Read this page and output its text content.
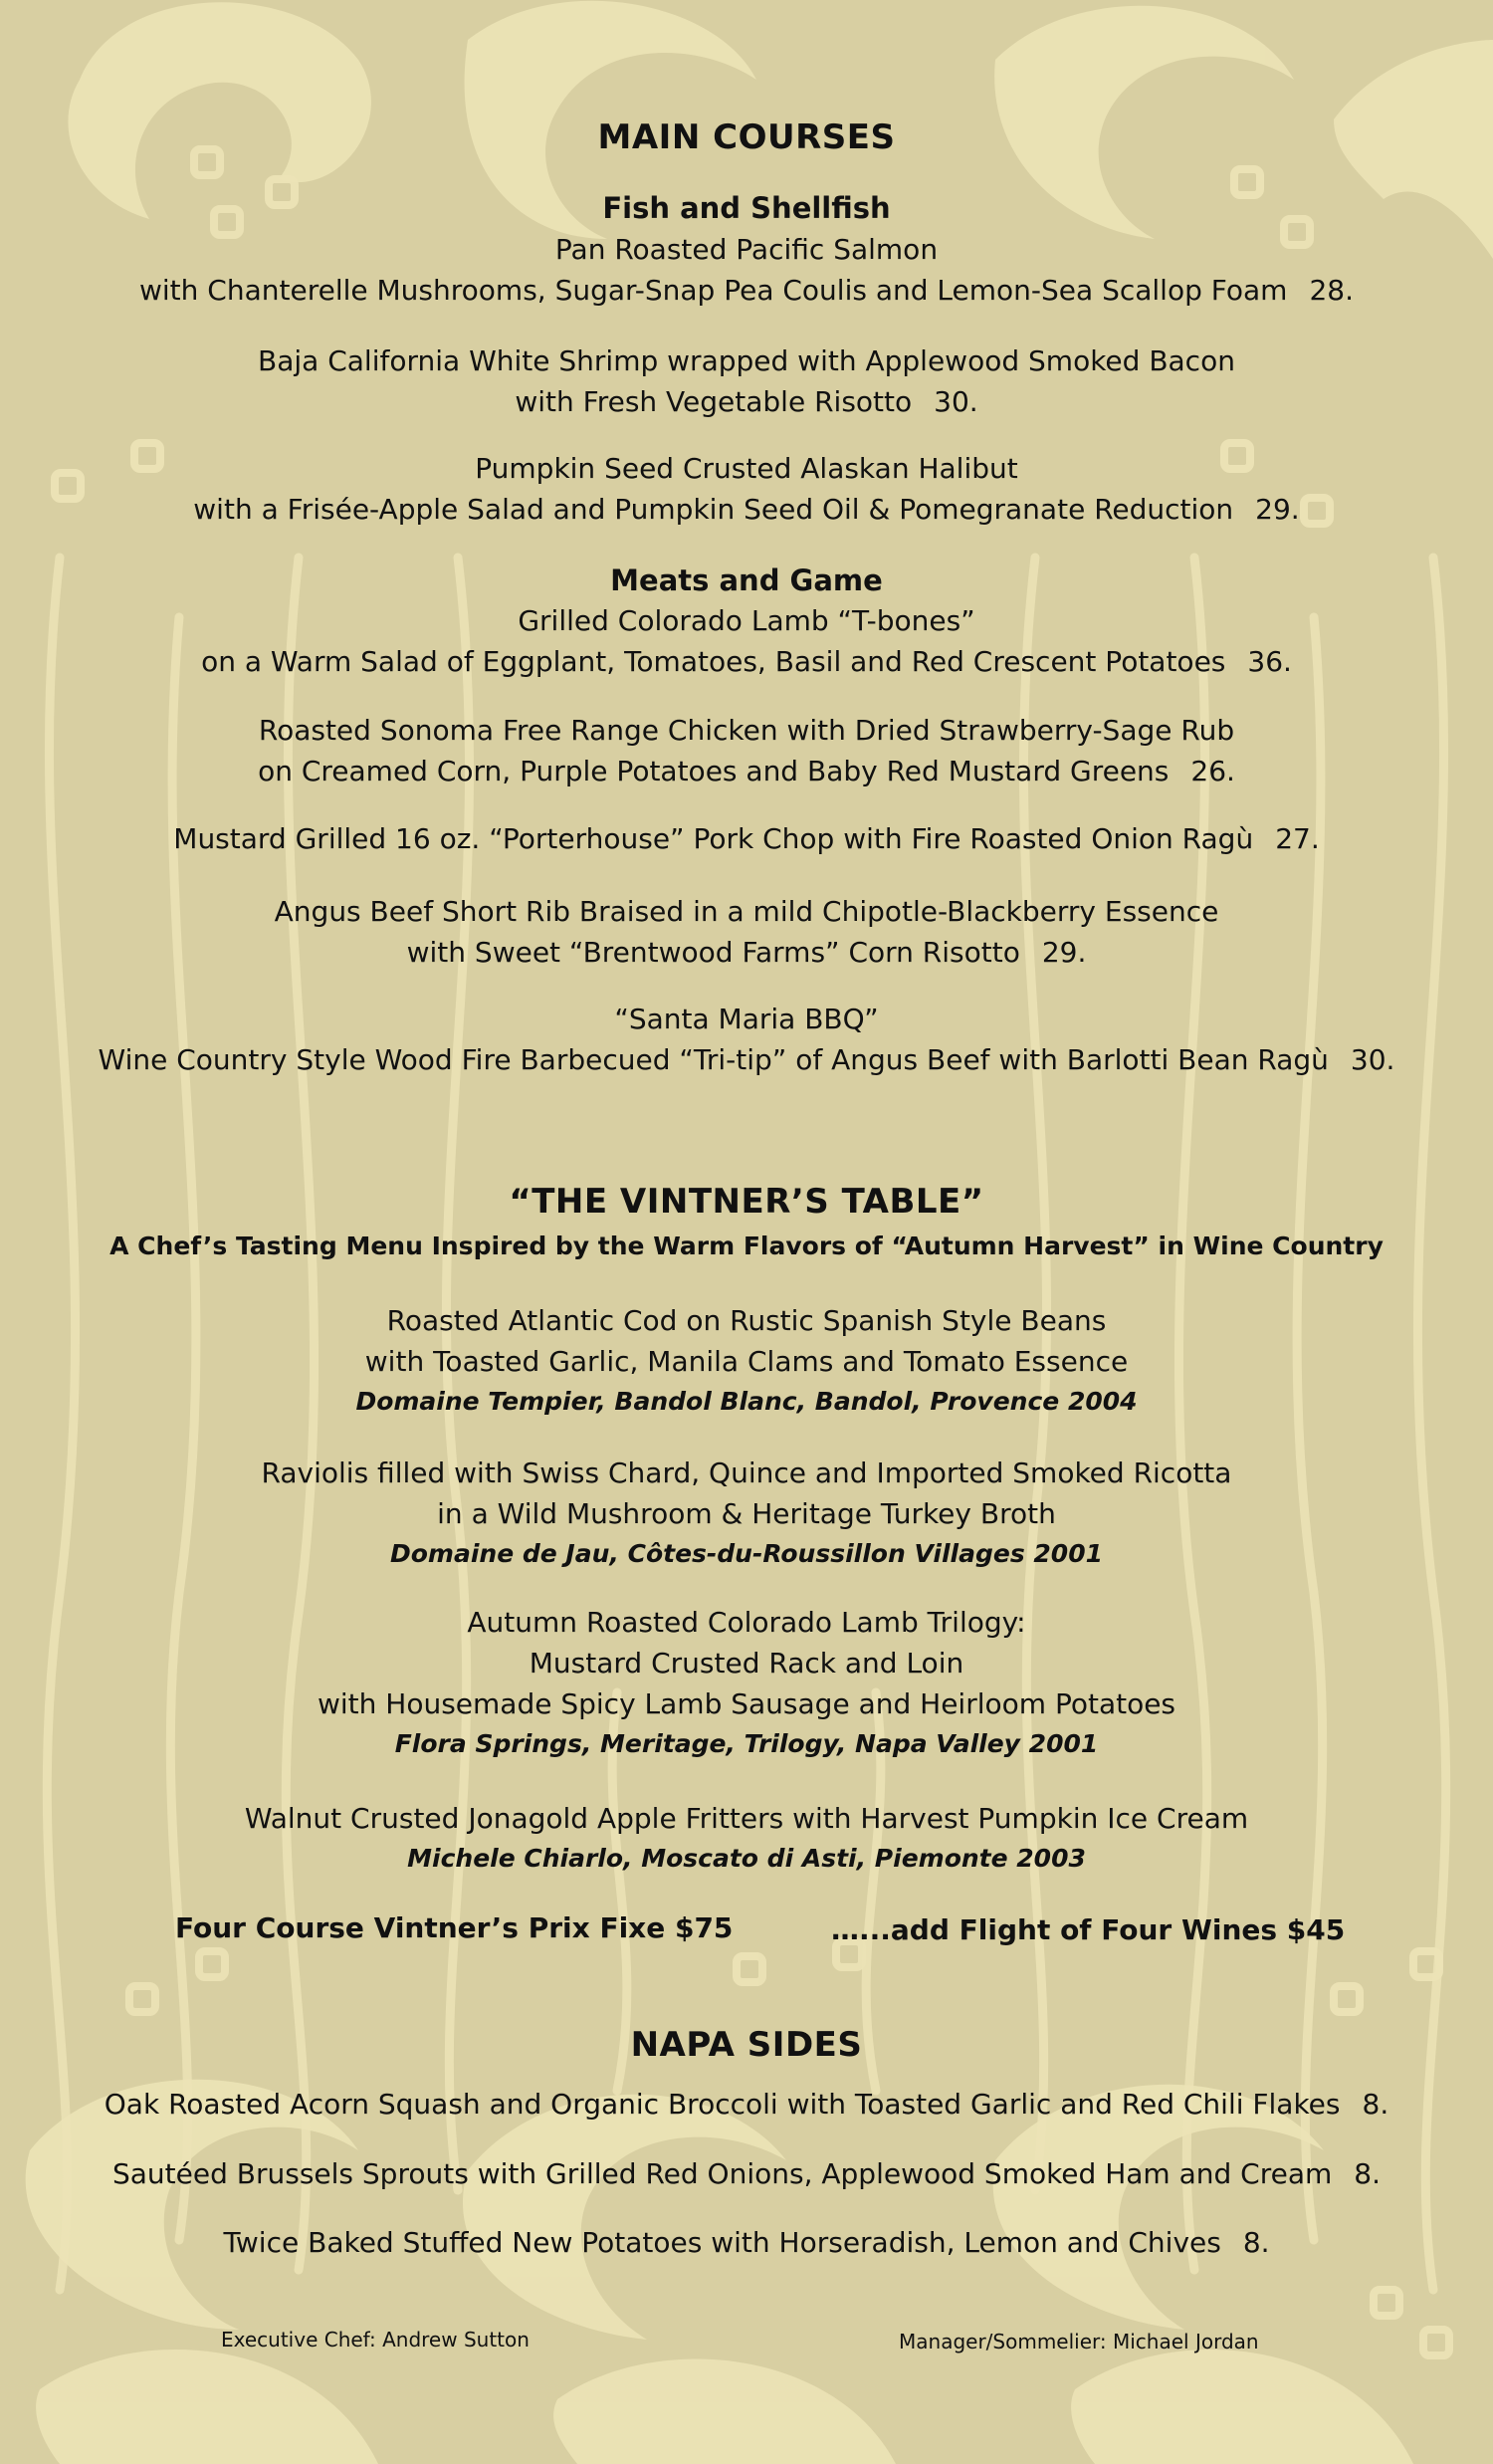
MAIN COURSES
Fish and Shellfish
Pan Roasted Pacific Salmon
with Chanterelle Mushrooms, Sugar-Snap Pea Coulis and Lemon-Sea Scallop Foam 28.
Baja California White Shrimp wrapped with Applewood Smoked Bacon
with Fresh Vegetable Risotto 30.
Pumpkin Seed Crusted Alaskan Halibut
with a Frisée-Apple Salad and Pumpkin Seed Oil & Pomegranate Reduction 29.
Meats and Game
Grilled Colorado Lamb “T-bones”
on a Warm Salad of Eggplant, Tomatoes, Basil and Red Crescent Potatoes 36.
Roasted Sonoma Free Range Chicken with Dried Strawberry-Sage Rub
on Creamed Corn, Purple Potatoes and Baby Red Mustard Greens 26.
Mustard Grilled 16 oz. “Porterhouse” Pork Chop with Fire Roasted Onion Ragù 27.
Angus Beef Short Rib Braised in a mild Chipotle-Blackberry Essence
with Sweet “Brentwood Farms” Corn Risotto 29.
“Santa Maria BBQ”
Wine Country Style Wood Fire Barbecued “Tri-tip” of Angus Beef with Barlotti Bean Ragù 30.
“THE VINTNER’S TABLE”
A Chef’s Tasting Menu Inspired by the Warm Flavors of “Autumn Harvest” in Wine Country
Roasted Atlantic Cod on Rustic Spanish Style Beans
with Toasted Garlic, Manila Clams and Tomato Essence
Domaine Tempier, Bandol Blanc, Bandol, Provence 2004
Raviolis filled with Swiss Chard, Quince and Imported Smoked Ricotta
in a Wild Mushroom & Heritage Turkey Broth
Domaine de Jau, Côtes-du-Roussillon Villages 2001
Autumn Roasted Colorado Lamb Trilogy:
Mustard Crusted Rack and Loin
with Housemade Spicy Lamb Sausage and Heirloom Potatoes
Flora Springs, Meritage, Trilogy, Napa Valley 2001
Walnut Crusted Jonagold Apple Fritters with Harvest Pumpkin Ice Cream
Michele Chiarlo, Moscato di Asti, Piemonte 2003
Four Course Vintner’s Prix Fixe $75	…...add Flight of Four Wines $45
NAPA SIDES
Oak Roasted Acorn Squash and Organic Broccoli with Toasted Garlic and Red Chili Flakes 8.
Sautéed Brussels Sprouts with Grilled Red Onions, Applewood Smoked Ham and Cream 8.
Twice Baked Stuffed New Potatoes with Horseradish, Lemon and Chives 8.
Executive Chef: Andrew Sutton	Manager/Sommelier: Michael Jordan
